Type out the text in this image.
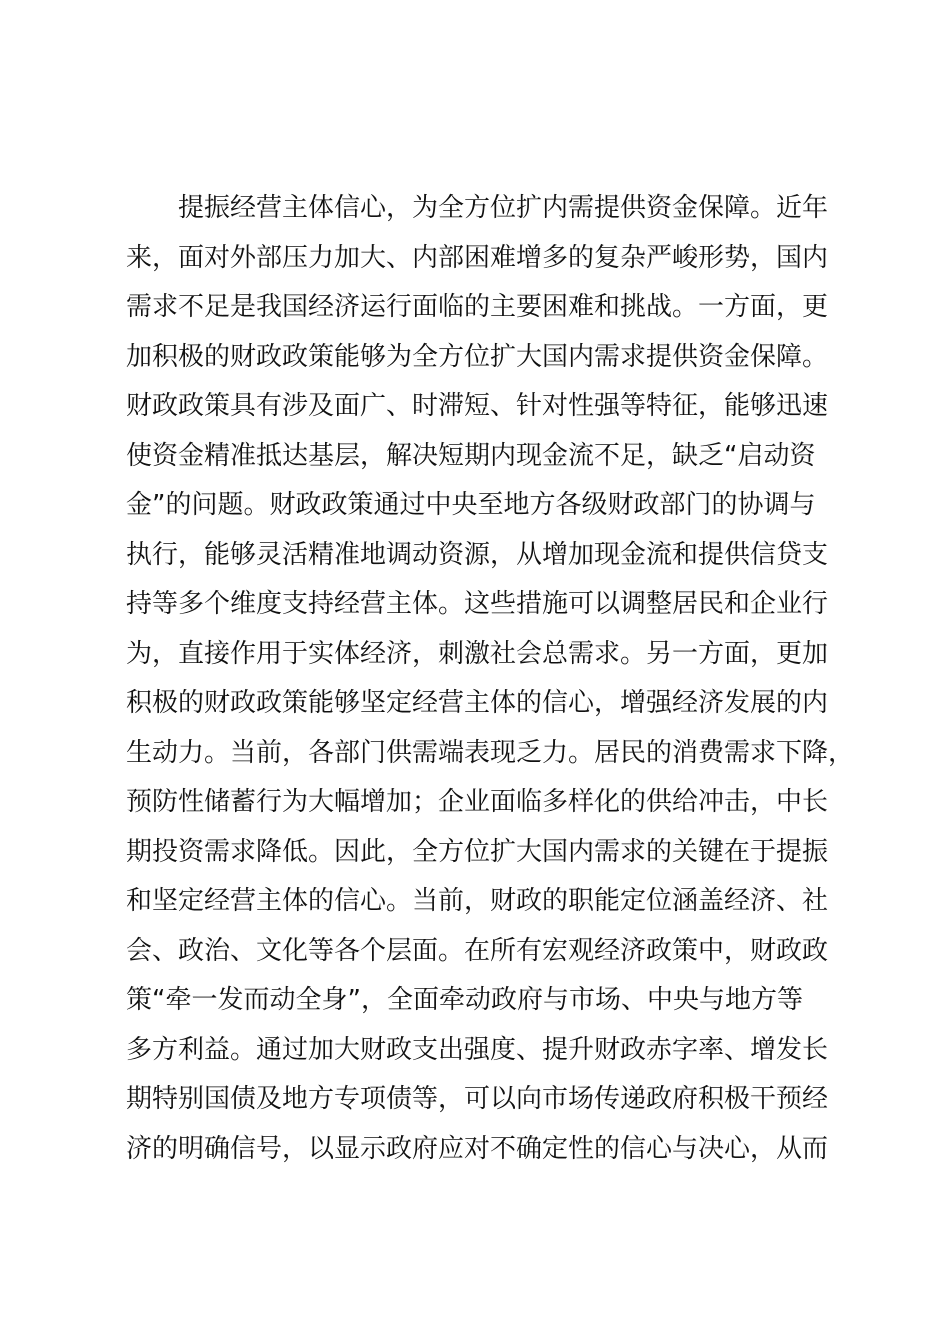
提振经营主体信心，为全方位扩内需提供资金保障。近年
来，面对外部压力加大、内部困难增多的复杂严峻形势，国内
需求不足是我国经济运行面临的主要困难和挑战。一方面，更
加积极的财政政策能够为全方位扩大国内需求提供资金保障。
财政政策具有涉及面广、时滞短、针对性强等特征，能够迅速
使资金精准抵达基层，解决短期内现金流不足，缺乏“启动资
金”的问题。财政政策通过中央至地方各级财政部门的协调与
执行，能够灵活精准地调动资源，从增加现金流和提供信贷支
持等多个维度支持经营主体。这些措施可以调整居民和企业行
为，直接作用于实体经济，刺激社会总需求。另一方面，更加
积极的财政政策能够坚定经营主体的信心，增强经济发展的内
生动力。当前，各部门供需端表现乏力。居民的消费需求下降，
预防性储蓄行为大幅增加；企业面临多样化的供给冲击，中长
期投资需求降低。因此，全方位扩大国内需求的关键在于提振
和坚定经营主体的信心。当前，财政的职能定位涵盖经济、社
会、政治、文化等各个层面。在所有宏观经济政策中，财政政
策“牵一发而动全身”，全面牵动政府与市场、中央与地方等
多方利益。通过加大财政支出强度、提升财政赤字率、增发长
期特别国债及地方专项债等，可以向市场传递政府积极干预经
济的明确信号，以显示政府应对不确定性的信心与决心，从而
